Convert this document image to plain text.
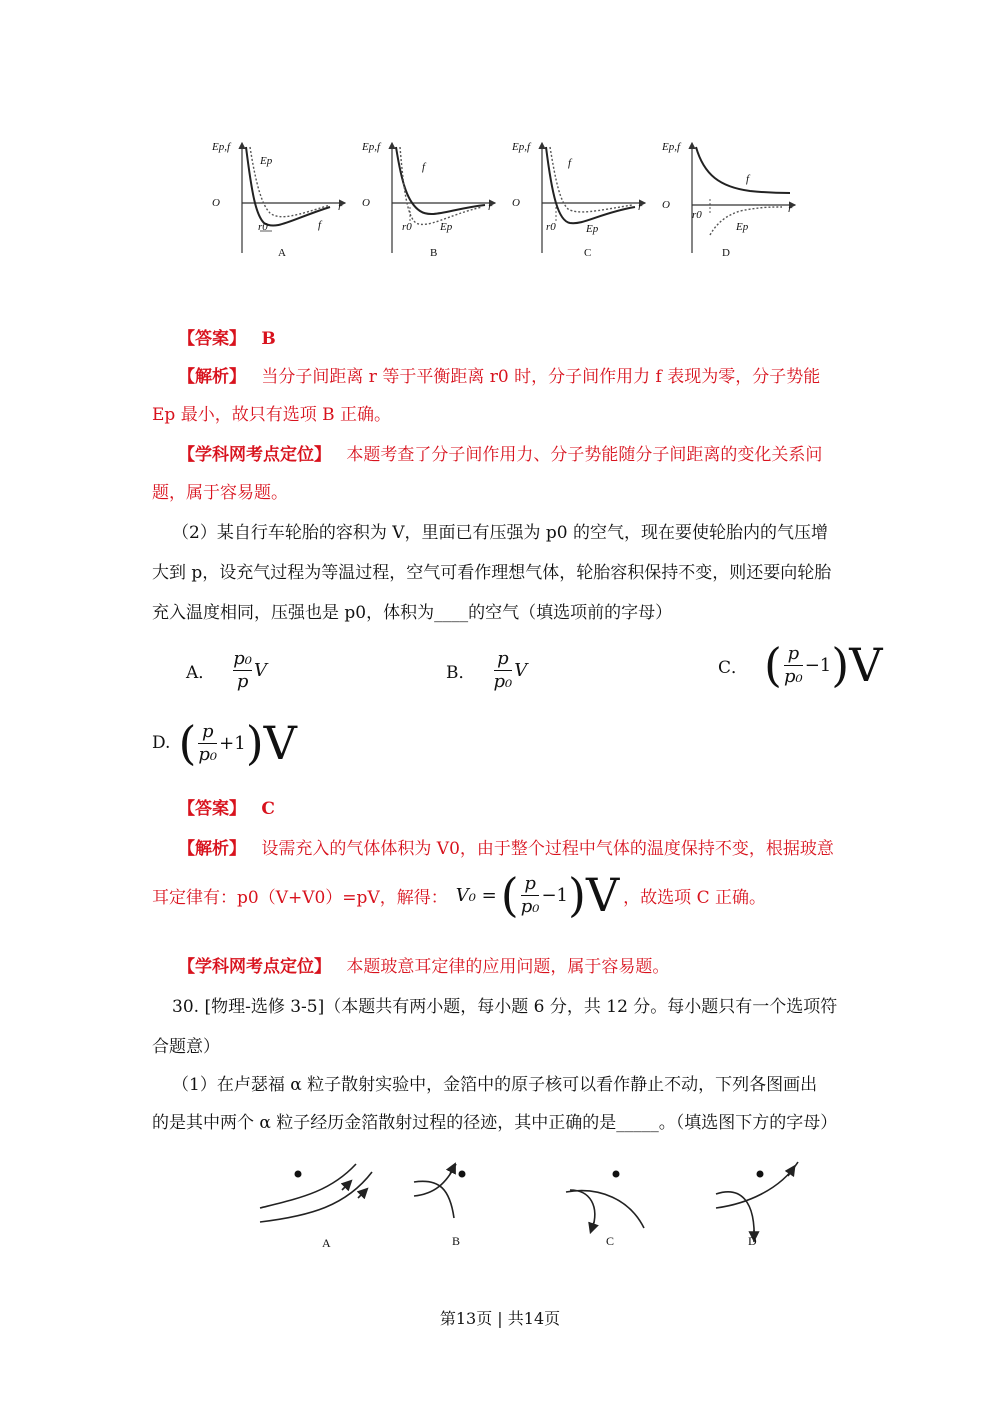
Ep,f
Ep
O	r
r0	f
A
Ep,f
f
O	r
r0	Ep
B
Ep,f
f
O	r
r0	Ep
C
Ep,f
f
O	r
r0
Ep
D
【答案】 B
【解析】 当分子间距离 r 等于平衡距离 r0 时，分子间作用力 f 表现为零，分子势能
Ep 最小，故只有选项 B 正确。
【学科网考点定位】 本题考查了分子间作用力、分子势能随分子间距离的变化关系问
题，属于容易题。
（2）某自行车轮胎的容积为 V，里面已有压强为 p0 的空气，现在要使轮胎内的气压增
大到 p，设充气过程为等温过程，空气可看作理想气体，轮胎容积保持不变，则还要向轮胎
充入温度相同，压强也是 p0，体积为____的空气（填选项前的字母）
A． $\frac{\text{p₀}}{p}$ V	B． $\frac{p}{\text{p₀}}$ V	C． ( $\frac{p}{\text{p₀}} -1$ )V
D. ( $\frac{p}{\text{p₀}} +1$ )V
【答案】 C
【解析】 设需充入的气体体积为 V0，由于整个过程中气体的温度保持不变，根据玻意
耳定律有：p0（V+V0）=pV，解得： V₀ = ( $\frac{p}{\text{p₀}} -1$ )V ，故选项 C 正确。
【学科网考点定位】 本题玻意耳定律的应用问题，属于容易题。
30. [物理-选修 3-5]（本题共有两小题，每小题 6 分，共 12 分。每小题只有一个选项符
合题意）
（1）在卢瑟福 α 粒子散射实验中，金箔中的原子核可以看作静止不动，下列各图画出
的是其中两个 α 粒子经历金箔散射过程的径迹，其中正确的是_____。（填选图下方的字母）
A	B	C	D
第13页 | 共14页
